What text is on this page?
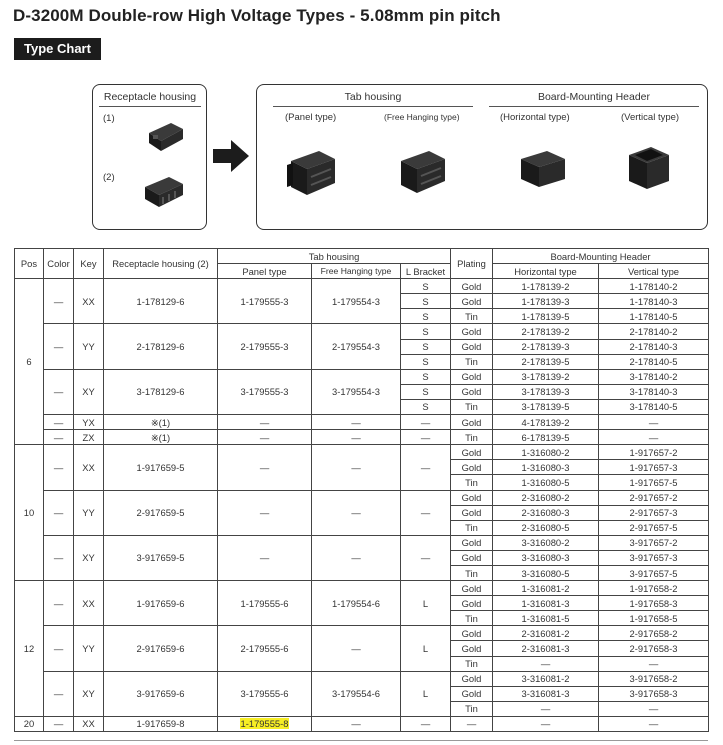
D-3200M Double-row High Voltage Types - 5.08mm pin pitch
Type Chart
Receptacle housing
(1)
(2)
Tab housing	Board-Mounting Header
(Panel type)	(Free Hanging type)	(Horizontal type)	(Vertical type)
Pos	Color	Key	Receptacle housing (2)	Tab housing			Plating	Board-Mounting Header	
				Panel type	Free Hanging type	L Bracket		Horizontal type	Vertical type
6	—	XX	1-178129-6	1-179555-3	1-179554-3	S	Gold	1-178139-2	1-178140-2
						S	Gold	1-178139-3	1-178140-3
						S	Tin	1-178139-5	1-178140-5
	—	YY	2-178129-6	2-179555-3	2-179554-3	S	Gold	2-178139-2	2-178140-2
						S	Gold	2-178139-3	2-178140-3
						S	Tin	2-178139-5	2-178140-5
	—	XY	3-178129-6	3-179555-3	3-179554-3	S	Gold	3-178139-2	3-178140-2
						S	Gold	3-178139-3	3-178140-3
						S	Tin	3-178139-5	3-178140-5
	—	YX	※(1)	—	—	—	Gold	4-178139-2	—
	—	ZX	※(1)	—	—	—	Tin	6-178139-5	—
10	—	XX	1-917659-5	—	—	—	Gold	1-316080-2	1-917657-2
							Gold	1-316080-3	1-917657-3
							Tin	1-316080-5	1-917657-5
	—	YY	2-917659-5	—	—	—	Gold	2-316080-2	2-917657-2
							Gold	2-316080-3	2-917657-3
							Tin	2-316080-5	2-917657-5
	—	XY	3-917659-5	—	—	—	Gold	3-316080-2	3-917657-2
							Gold	3-316080-3	3-917657-3
							Tin	3-316080-5	3-917657-5
12	—	XX	1-917659-6	1-179555-6	1-179554-6	L	Gold	1-316081-2	1-917658-2
							Gold	1-316081-3	1-917658-3
							Tin	1-316081-5	1-917658-5
	—	YY	2-917659-6	2-179555-6	—	L	Gold	2-316081-2	2-917658-2
							Gold	2-316081-3	2-917658-3
							Tin	—	—
	—	XY	3-917659-6	3-179555-6	3-179554-6	L	Gold	3-316081-2	3-917658-2
							Gold	3-316081-3	3-917658-3
							Tin	—	—
20	—	XX	1-917659-8	1-179555-8	—	—	—	—	—
